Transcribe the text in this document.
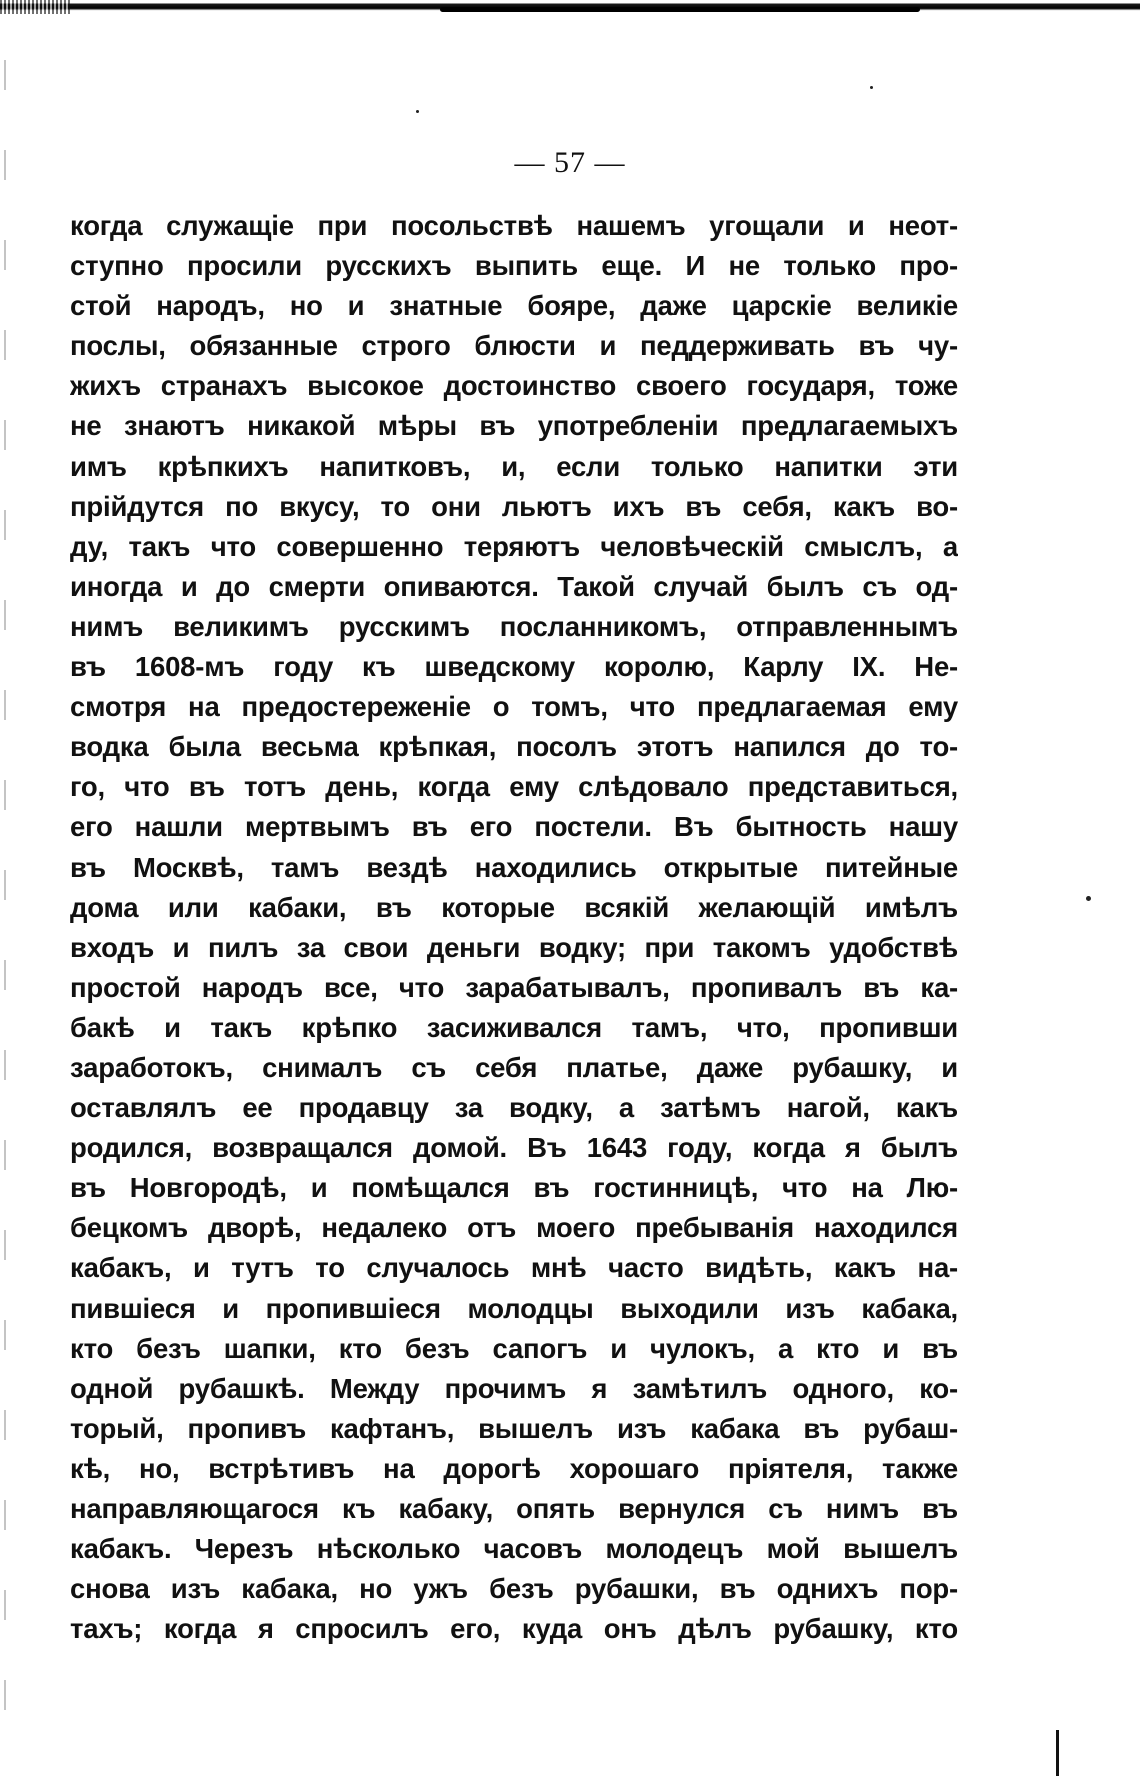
— 57 —
когда служащіе при посольствѣ нашемъ угощали и неот-
ступно просили русскихъ выпить еще. И не только про-
стой народъ, но и знатные бояре, даже царскіе великіе
послы, обязанные строго блюсти и педдерживать въ чу-
жихъ странахъ высокое достоинство своего государя, тоже
не знаютъ никакой мѣры въ употребленіи предлагаемыхъ
имъ крѣпкихъ напитковъ, и, если только напитки эти
прійдутся по вкусу, то они льютъ ихъ въ себя, какъ во-
ду, такъ что совершенно теряютъ человѣческій смыслъ, а
иногда и до смерти опиваются. Такой случай былъ съ од-
нимъ великимъ русскимъ посланникомъ, отправленнымъ
въ 1608-мъ году къ шведскому королю, Карлу IX. Не-
смотря на предостереженіе о томъ, что предлагаемая ему
водка была весьма крѣпкая, посолъ этотъ напился до то-
го, что въ тотъ день, когда ему слѣдовало представиться,
его нашли мертвымъ въ его постели. Въ бытность нашу
въ Москвѣ, тамъ вездѣ находились открытые питейные
дома или кабаки, въ которые всякій желающій имѣлъ
входъ и пилъ за свои деньги водку; при такомъ удобствѣ
простой народъ все, что зарабатывалъ, пропивалъ въ ка-
бакѣ и такъ крѣпко засиживался тамъ, что, пропивши
заработокъ, снималъ съ себя платье, даже рубашку, и
оставлялъ ее продавцу за водку, а затѣмъ нагой, какъ
родился, возвращался домой. Въ 1643 году, когда я былъ
въ Новгородѣ, и помѣщался въ гостинницѣ, что на Лю-
бецкомъ дворѣ, недалеко отъ моего пребыванія находился
кабакъ, и тутъ то случалось мнѣ часто видѣть, какъ на-
пившіеся и пропившіеся молодцы выходили изъ кабака,
кто безъ шапки, кто безъ сапогъ и чулокъ, а кто и въ
одной рубашкѣ. Между прочимъ я замѣтилъ одного, ко-
торый, пропивъ кафтанъ, вышелъ изъ кабака въ рубаш-
кѣ, но, встрѣтивъ на дорогѣ хорошаго прiятеля, также
направляющагося къ кабаку, опять вернулся съ нимъ въ
кабакъ. Черезъ нѣсколько часовъ молодецъ мой вышелъ
снова изъ кабака, но ужъ безъ рубашки, въ однихъ пор-
тахъ; когда я спросилъ его, куда онъ дѣлъ рубашку, кто
